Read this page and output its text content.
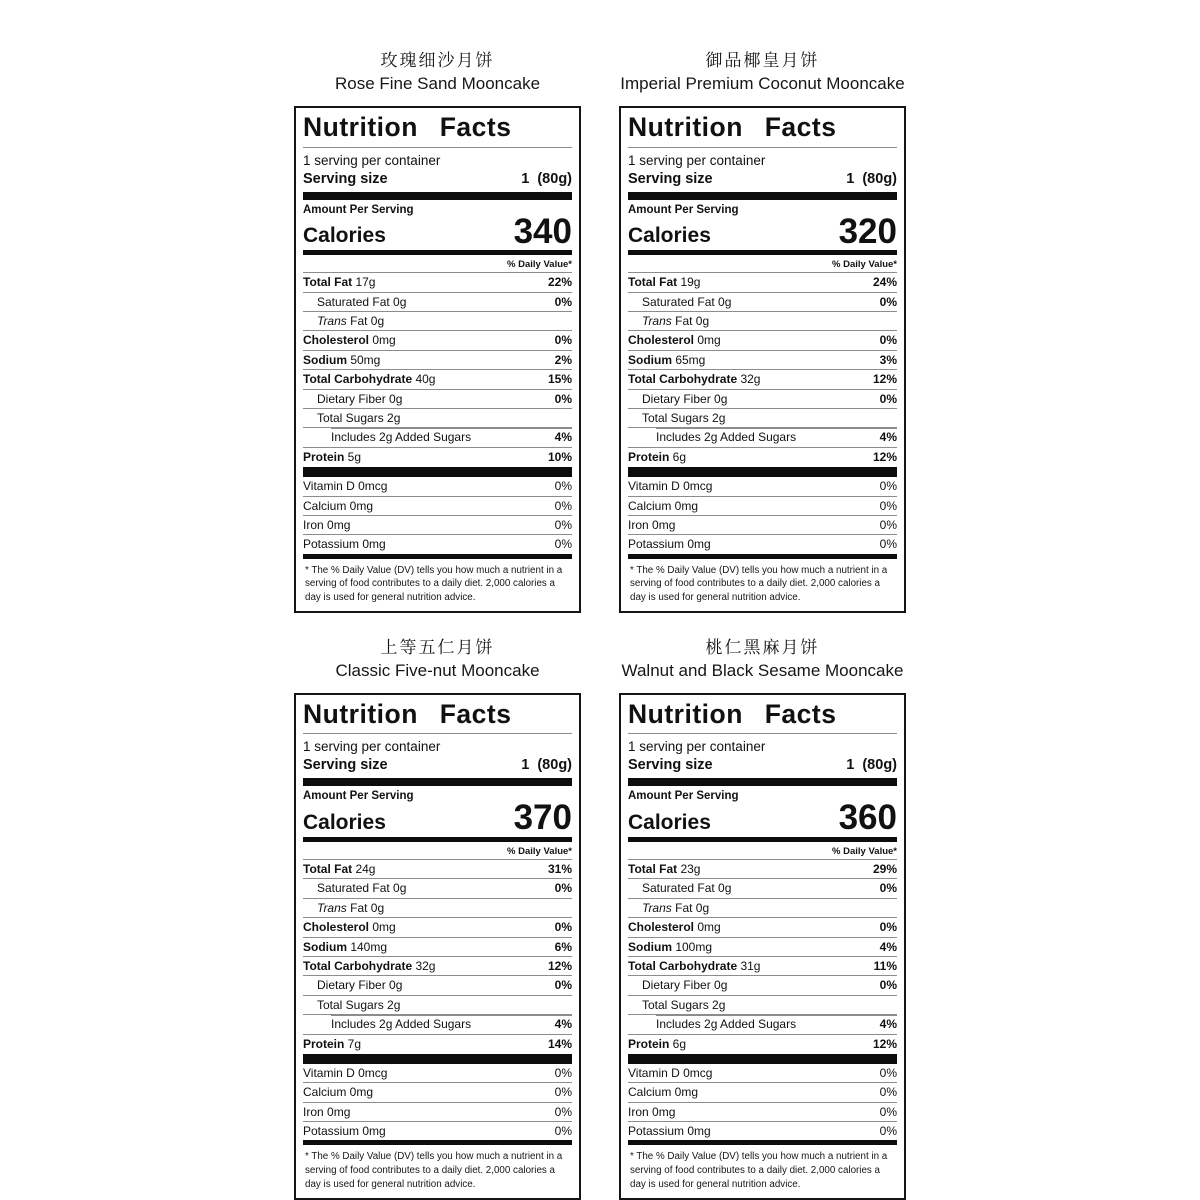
玫瑰细沙月饼
Rose Fine Sand Mooncake
Nutrition Facts
1 serving per container
Serving size	1  (80g)
Amount Per Serving
Calories	340
% Daily Value*
Total Fat 17g	22%
Saturated Fat 0g	0%
Trans Fat 0g
Cholesterol 0mg	0%
Sodium 50mg	2%
Total Carbohydrate 40g	15%
Dietary Fiber 0g	0%
Total Sugars 2g
Includes 2g Added Sugars	4%
Protein 5g	10%
Vitamin D 0mcg	0%
Calcium 0mg	0%
Iron 0mg	0%
Potassium 0mg	0%

* The % Daily Value (DV) tells you how much a nutrient in a serving of food contributes to a daily diet. 2,000 calories a day is used for general nutrition advice.

御品椰皇月饼
Imperial Premium Coconut Mooncake
Nutrition Facts
1 serving per container
Serving size	1  (80g)
Amount Per Serving
Calories	320
% Daily Value*
Total Fat 19g	24%
Saturated Fat 0g	0%
Trans Fat 0g
Cholesterol 0mg	0%
Sodium 65mg	3%
Total Carbohydrate 32g	12%
Dietary Fiber 0g	0%
Total Sugars 2g
Includes 2g Added Sugars	4%
Protein 6g	12%
Vitamin D 0mcg	0%
Calcium 0mg	0%
Iron 0mg	0%
Potassium 0mg	0%

* The % Daily Value (DV) tells you how much a nutrient in a serving of food contributes to a daily diet. 2,000 calories a day is used for general nutrition advice.

上等五仁月饼
Classic Five-nut Mooncake
Nutrition Facts
1 serving per container
Serving size	1  (80g)
Amount Per Serving
Calories	370
% Daily Value*
Total Fat 24g	31%
Saturated Fat 0g	0%
Trans Fat 0g
Cholesterol 0mg	0%
Sodium 140mg	6%
Total Carbohydrate 32g	12%
Dietary Fiber 0g	0%
Total Sugars 2g
Includes 2g Added Sugars	4%
Protein 7g	14%
Vitamin D 0mcg	0%
Calcium 0mg	0%
Iron 0mg	0%
Potassium 0mg	0%

* The % Daily Value (DV) tells you how much a nutrient in a serving of food contributes to a daily diet. 2,000 calories a day is used for general nutrition advice.

桃仁黑麻月饼
Walnut and Black Sesame Mooncake
Nutrition Facts
1 serving per container
Serving size	1  (80g)
Amount Per Serving
Calories	360
% Daily Value*
Total Fat 23g	29%
Saturated Fat 0g	0%
Trans Fat 0g
Cholesterol 0mg	0%
Sodium 100mg	4%
Total Carbohydrate 31g	11%
Dietary Fiber 0g	0%
Total Sugars 2g
Includes 2g Added Sugars	4%
Protein 6g	12%
Vitamin D 0mcg	0%
Calcium 0mg	0%
Iron 0mg	0%
Potassium 0mg	0%

* The % Daily Value (DV) tells you how much a nutrient in a serving of food contributes to a daily diet. 2,000 calories a day is used for general nutrition advice.
